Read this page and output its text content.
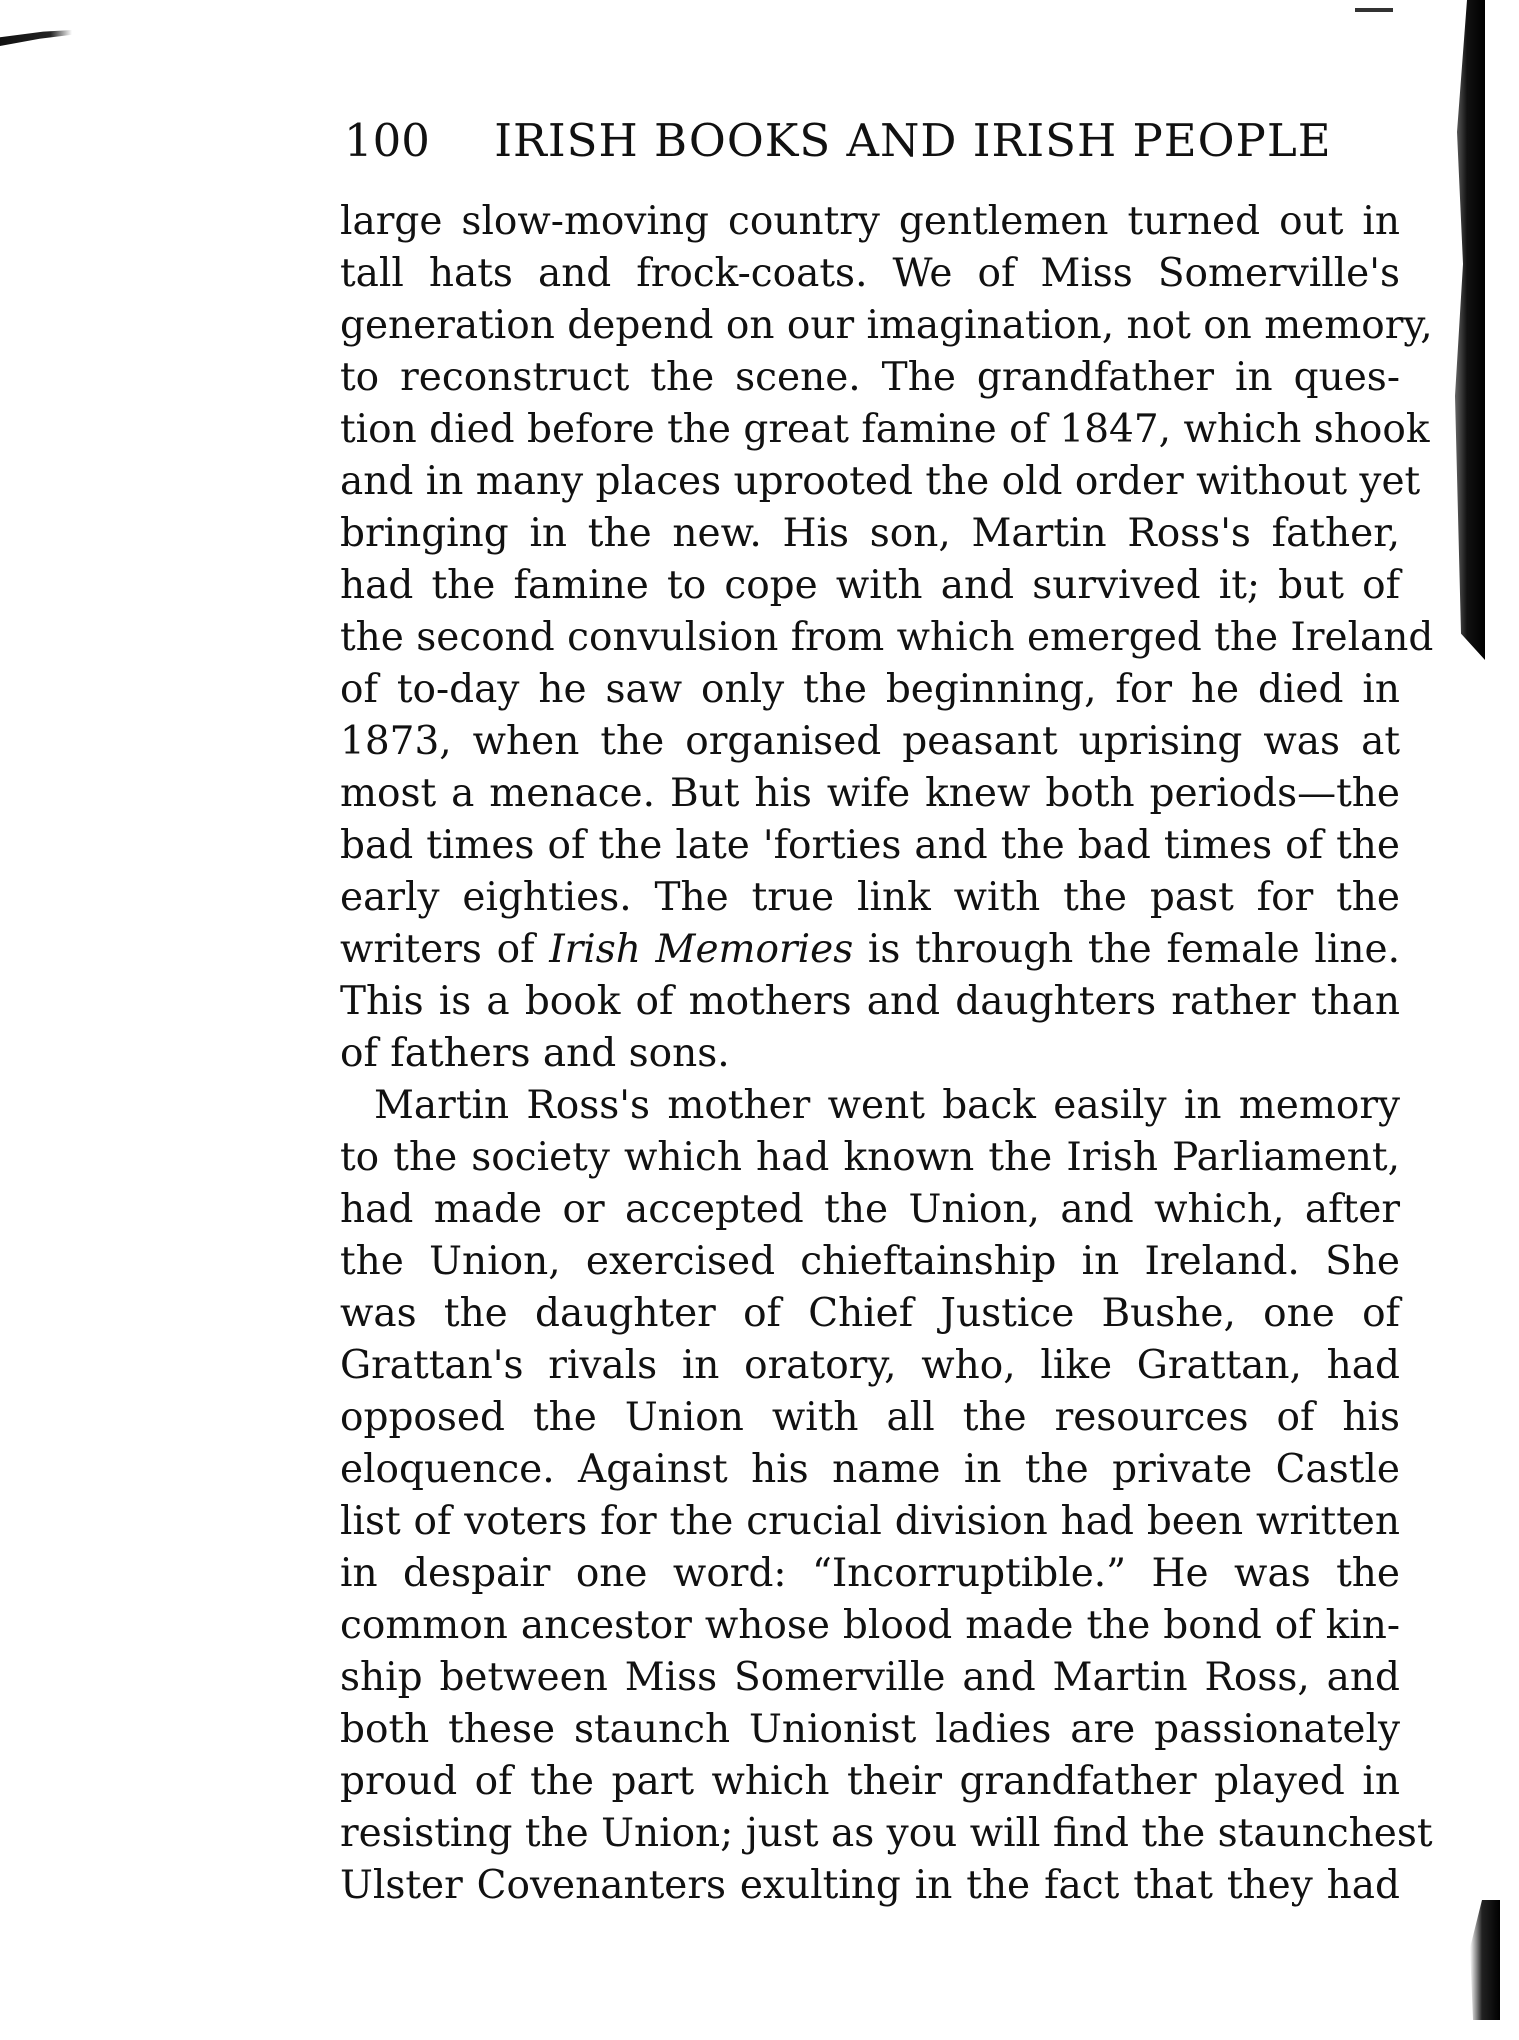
100 IRISH BOOKS AND IRISH PEOPLE
large slow-moving country gentlemen turned out in
tall hats and frock-coats. We of Miss Somerville's
generation depend on our imagination, not on memory,
to reconstruct the scene. The grandfather in ques-
tion died before the great famine of 1847, which shook
and in many places uprooted the old order without yet
bringing in the new. His son, Martin Ross's father,
had the famine to cope with and survived it; but of
the second convulsion from which emerged the Ireland
of to-day he saw only the beginning, for he died in
1873, when the organised peasant uprising was at
most a menace. But his wife knew both periods—the
bad times of the late 'forties and the bad times of the
early eighties. The true link with the past for the
writers of Irish Memories is through the female line.
This is a book of mothers and daughters rather than
of fathers and sons.
Martin Ross's mother went back easily in memory
to the society which had known the Irish Parliament,
had made or accepted the Union, and which, after
the Union, exercised chieftainship in Ireland. She
was the daughter of Chief Justice Bushe, one of
Grattan's rivals in oratory, who, like Grattan, had
opposed the Union with all the resources of his
eloquence. Against his name in the private Castle
list of voters for the crucial division had been written
in despair one word: “Incorruptible.” He was the
common ancestor whose blood made the bond of kin-
ship between Miss Somerville and Martin Ross, and
both these staunch Unionist ladies are passionately
proud of the part which their grandfather played in
resisting the Union; just as you will find the staunchest
Ulster Covenanters exulting in the fact that they had
